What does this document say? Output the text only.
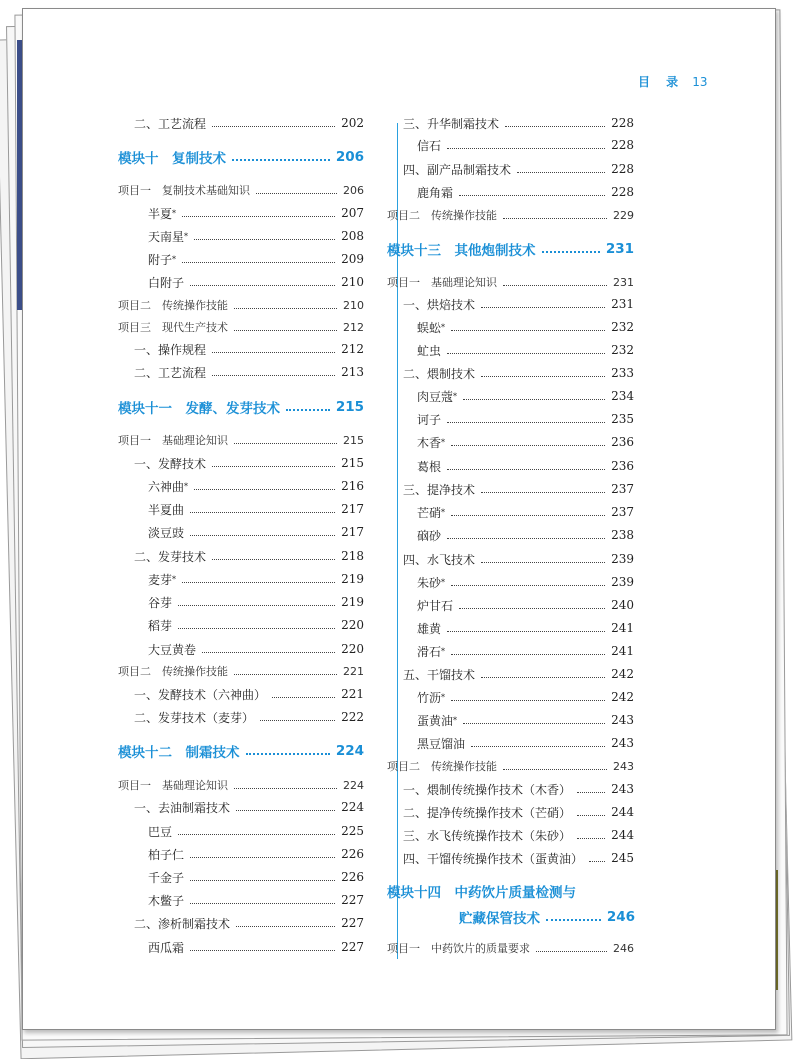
目 录 13
二、工艺流程	202
模块十　复制技术	206
项目一　复制技术基础知识	206
半夏 *	207
天南星 *	208
附子 *	209
白附子	210
项目二　传统操作技能	210
项目三　现代生产技术	212
一、操作规程	212
二、工艺流程	213
模块十一　发酵、发芽技术	215
项目一　基础理论知识	215
一、发酵技术	215
六神曲 *	216
半夏曲	217
淡豆豉	217
二、发芽技术	218
麦芽 *	219
谷芽	219
稻芽	220
大豆黄卷	220
项目二　传统操作技能	221
一、发酵技术（六神曲）	221
二、发芽技术（麦芽）	222
模块十二　制霜技术	224
项目一　基础理论知识	224
一、去油制霜技术	224
巴豆	225
柏子仁	226
千金子	226
木鳖子	227
二、渗析制霜技术	227
西瓜霜	227
三、升华制霜技术	228
信石	228
四、副产品制霜技术	228
鹿角霜	228
项目二　传统操作技能	229
模块十三　其他炮制技术	231
项目一　基础理论知识	231
一、烘焙技术	231
蜈蚣 *	232
虻虫	232
二、煨制技术	233
肉豆蔻 *	234
诃子	235
木香 *	236
葛根	236
三、提净技术	237
芒硝 *	237
硇砂	238
四、水飞技术	239
朱砂 *	239
炉甘石	240
雄黄	241
滑石 *	241
五、干馏技术	242
竹沥 *	242
蛋黄油 *	243
黑豆馏油	243
项目二　传统操作技能	243
一、煨制传统操作技术（木香）	243
二、提净传统操作技术（芒硝）	244
三、水飞传统操作技术（朱砂）	244
四、干馏传统操作技术（蛋黄油） 245
模块十四　中药饮片质量检测与
贮藏保管技术	246
项目一　中药饮片的质量要求	246
